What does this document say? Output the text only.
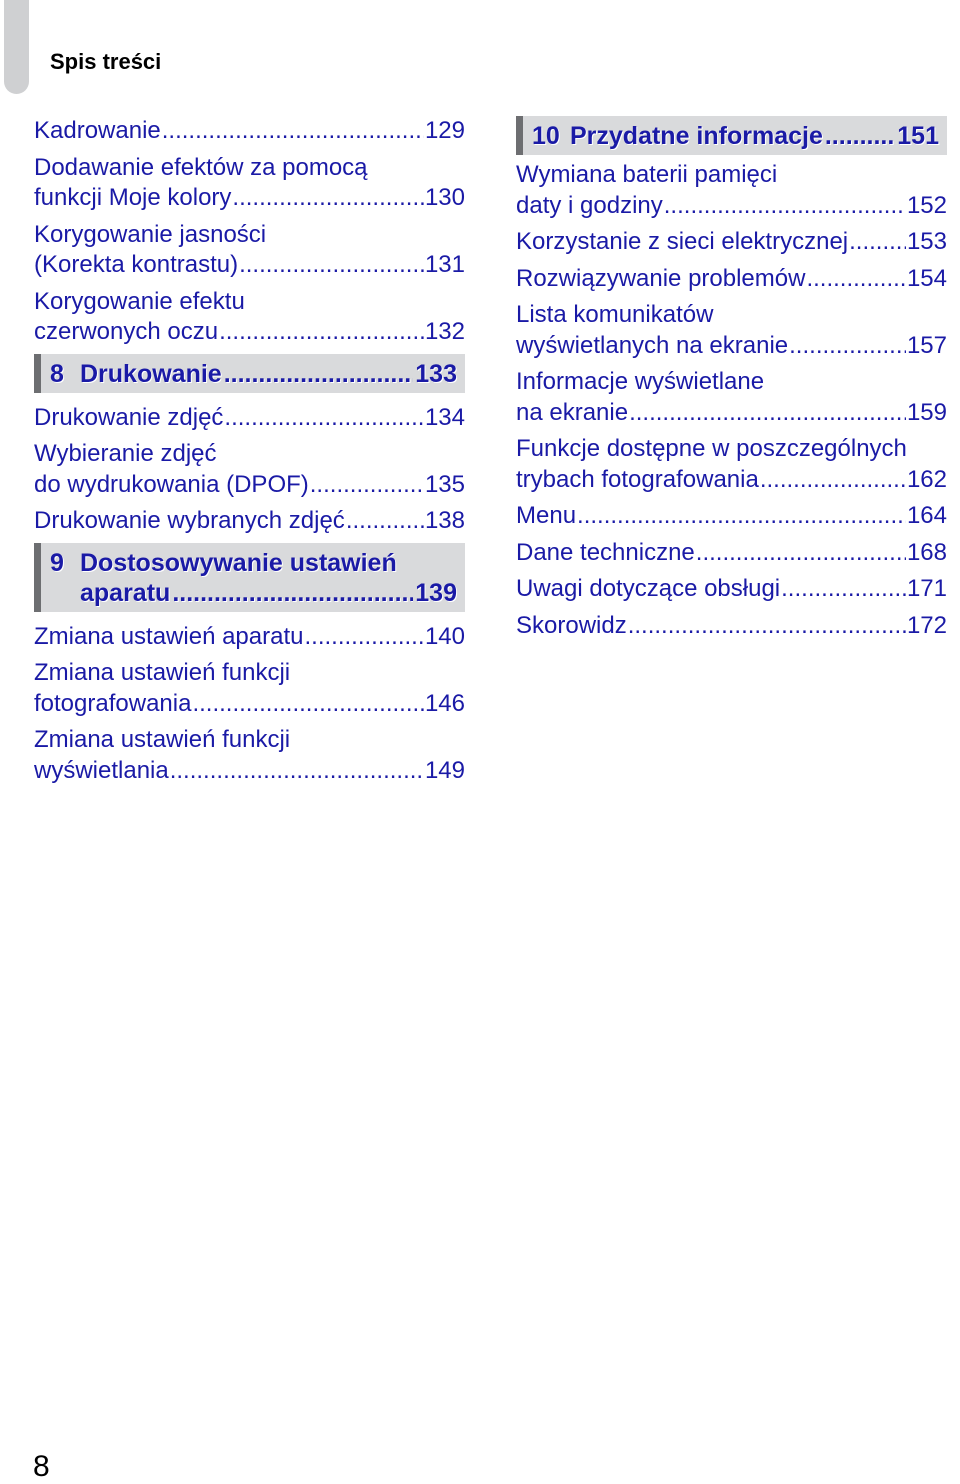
Spis treści
Kadrowanie .....	129
Dodawanie efektów za pomocą
funkcji Moje kolory .....	130
Korygowanie jasności
(Korekta kontrastu) .....	131
Korygowanie efektu
czerwonych oczu .....	132
8 Drukowanie .....	133
Drukowanie zdjęć .....	134
Wybieranie zdjęć
do wydrukowania (DPOF) .....	135
Drukowanie wybranych zdjęć .....	138
9 Dostosowywanie ustawień
aparatu .....	139
Zmiana ustawień aparatu .....	140
Zmiana ustawień funkcji
fotografowania .....	146
Zmiana ustawień funkcji
wyświetlania .....	149
10 Przydatne informacje .....	151
Wymiana baterii pamięci
daty i godziny .....	152
Korzystanie z sieci elektrycznej ..... 153
Rozwiązywanie problemów .....	154
Lista komunikatów
wyświetlanych na ekranie .....	157
Informacje wyświetlane
na ekranie .....	159
Funkcje dostępne w poszczególnych
trybach fotografowania .....	162
Menu .....	164
Dane techniczne .....	168
Uwagi dotyczące obsługi .....	171
Skorowidz .....	172
8
